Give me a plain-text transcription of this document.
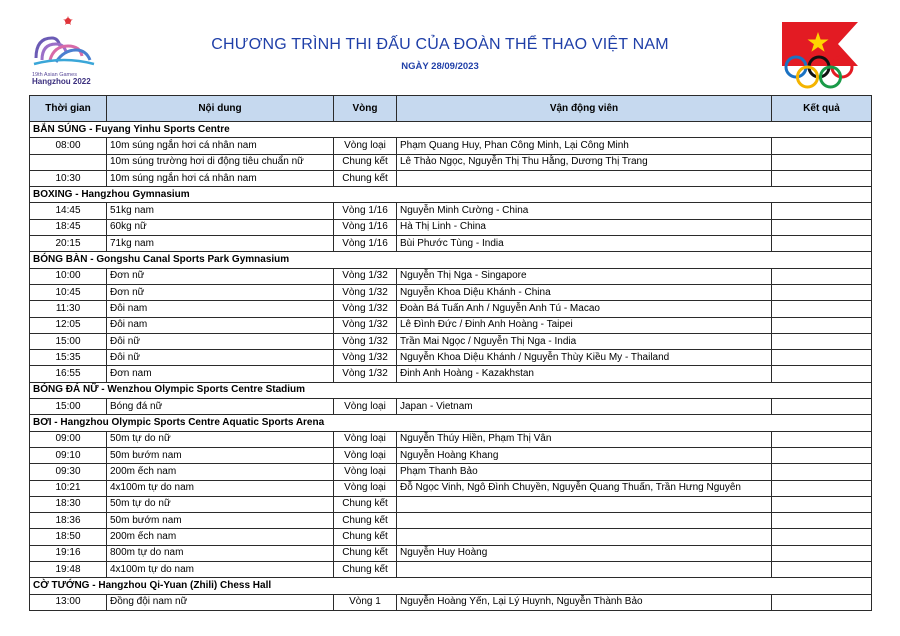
19th Asian Games
Hangzhou 2022
CHƯƠNG TRÌNH THI ĐẤU CỦA ĐOÀN THỂ THAO VIỆT NAM
NGÀY 28/09/2023
Thời gian	Nội dung	Vòng	Vận động viên	Kết quả
BẮN SÚNG - Fuyang Yinhu Sports Centre				
08:00	10m súng ngắn hơi cá nhân nam	Vòng loại	Phạm Quang Huy, Phan Công Minh, Lại Công Minh	
	10m súng trường hơi di động tiêu chuẩn nữ	Chung kết	Lê Thảo Ngọc, Nguyễn Thị Thu Hằng, Dương Thị Trang	
10:30	10m súng ngắn hơi cá nhân nam	Chung kết		
BOXING - Hangzhou Gymnasium				
14:45	51kg nam	Vòng 1/16	Nguyễn Minh Cường - China	
18:45	60kg nữ	Vòng 1/16	Hà Thị Linh - China	
20:15	71kg nam	Vòng 1/16	Bùi Phước Tùng - India	
BÓNG BÀN - Gongshu Canal Sports Park Gymnasium				
10:00	Đơn nữ	Vòng 1/32	Nguyễn Thị Nga - Singapore	
10:45	Đơn nữ	Vòng 1/32	Nguyễn Khoa Diệu Khánh - China	
11:30	Đôi nam	Vòng 1/32	Đoàn Bá Tuấn Anh / Nguyễn Anh Tú - Macao	
12:05	Đôi nam	Vòng 1/32	Lê Đình Đức / Đinh Anh Hoàng - Taipei	
15:00	Đôi nữ	Vòng 1/32	Trần Mai Ngọc / Nguyễn Thị Nga - India	
15:35	Đôi nữ	Vòng 1/32	Nguyễn Khoa Diệu Khánh / Nguyễn Thùy Kiều My - Thailand	
16:55	Đơn nam	Vòng 1/32	Đinh Anh Hoàng - Kazakhstan	
BÓNG ĐÁ NỮ - Wenzhou Olympic Sports Centre Stadium				
15:00	Bóng đá nữ	Vòng loại	Japan - Vietnam	
BƠI - Hangzhou Olympic Sports Centre Aquatic Sports Arena				
09:00	50m tự do nữ	Vòng loại	Nguyễn Thúy Hiền, Phạm Thị Vân	
09:10	50m bướm nam	Vòng loại	Nguyễn Hoàng Khang	
09:30	200m ếch nam	Vòng loại	Phạm Thanh Bảo	
10:21	4x100m tự do nam	Vòng loại	Đỗ Ngọc Vinh, Ngô Đình Chuyền, Nguyễn Quang Thuấn, Trần Hưng Nguyên	
18:30	50m tự do nữ	Chung kết		
18:36	50m bướm nam	Chung kết		
18:50	200m ếch nam	Chung kết		
19:16	800m tự do nam	Chung kết	Nguyễn Huy Hoàng	
19:48	4x100m tự do nam	Chung kết		
CỜ TƯỚNG - Hangzhou Qi-Yuan (Zhili) Chess Hall				
13:00	Đồng đội nam nữ	Vòng 1	Nguyễn Hoàng Yến, Lại Lý Huynh, Nguyễn Thành Bảo	
